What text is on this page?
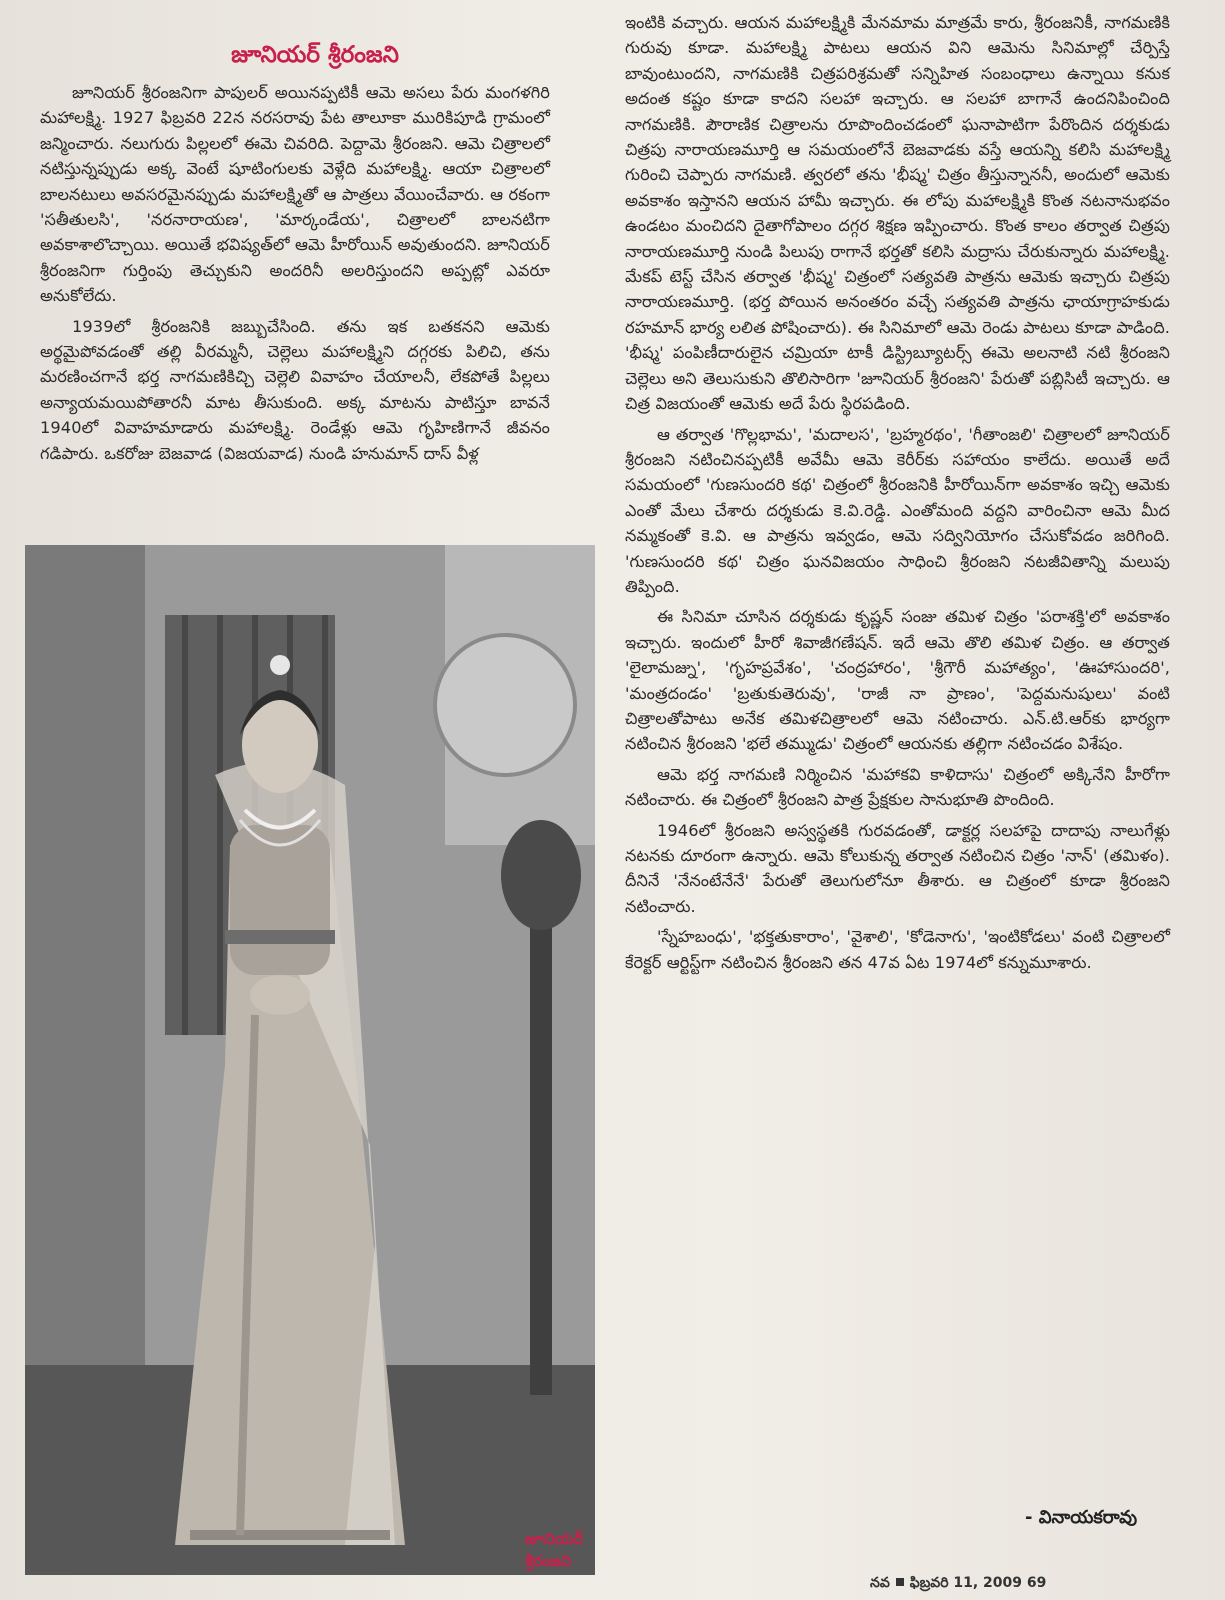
జూనియర్ శ్రీరంజని

జూనియర్ శ్రీరంజనిగా పాపులర్ అయినప్పటికీ ఆమె అసలు పేరు మంగళగిరి మహాలక్ష్మి. 1927 ఫిబ్రవరి 22న నరసరావు పేట తాలూకా మురికిపూడి గ్రామంలో జన్మించారు. నలుగురు పిల్లలలో ఈమె చివరిది. పెద్దామె శ్రీరంజని. ఆమె చిత్రాలలో నటిస్తున్నప్పుడు అక్క వెంటే షూటింగులకు వెళ్లేది మహాలక్ష్మి. ఆయా చిత్రాలలో బాలనటులు అవసరమైనప్పుడు మహాలక్ష్మితో ఆ పాత్రలు వేయించేవారు. ఆ రకంగా 'సతీతులసి', 'నరనారాయణ', 'మార్కండేయ', చిత్రాలలో బాలనటిగా అవకాశాలొచ్చాయి. అయితే భవిష్యత్‌లో ఆమె హీరోయిన్ అవుతుందని. జూనియర్ శ్రీరంజనిగా గుర్తింపు తెచ్చుకుని అందరినీ అలరిస్తుందని అప్పట్లో ఎవరూ అనుకోలేదు.

1939లో శ్రీరంజనికి జబ్బుచేసింది. తను ఇక బతకనని ఆమెకు అర్థమైపోవడంతో తల్లి వీరమ్మనీ, చెల్లెలు మహాలక్ష్మిని దగ్గరకు పిలిచి, తను మరణించగానే భర్త నాగమణికిచ్చి చెల్లెలి వివాహం చేయాలనీ, లేకపోతే పిల్లలు అన్యాయమయిపోతారనీ మాట తీసుకుంది. అక్క మాటను పాటిస్తూ బావనే 1940లో వివాహమాడారు మహాలక్ష్మి. రెండేళ్లు ఆమె గృహిణిగానే జీవనం గడిపారు. ఒకరోజు బెజవాడ (విజయవాడ) నుండి హనుమాన్ దాస్ వీళ్ల

జూనియర్ శ్రీరంజని

ఇంటికి వచ్చారు. ఆయన మహాలక్ష్మికి మేనమామ మాత్రమే కారు, శ్రీరంజనికీ, నాగమణికి గురువు కూడా. మహాలక్ష్మి పాటలు ఆయన విని ఆమెను సినిమాల్లో చేర్పిస్తే బావుంటుందని, నాగమణికి చిత్రపరిశ్రమతో సన్నిహిత సంబంధాలు ఉన్నాయి కనుక అదంత కష్టం కూడా కాదని సలహా ఇచ్చారు. ఆ సలహా బాగానే ఉందనిపించింది నాగమణికి. పౌరాణిక చిత్రాలను రూపొందించడంలో ఘనాపాటిగా పేరొందిన దర్శకుడు చిత్రపు నారాయణమూర్తి ఆ సమయంలోనే బెజవాడకు వస్తే ఆయన్ని కలిసి మహాలక్ష్మి గురించి చెప్పారు నాగమణి. త్వరలో తను 'భీష్మ' చిత్రం తీస్తున్నాననీ, అందులో ఆమెకు అవకాశం ఇస్తానని ఆయన హామీ ఇచ్చారు. ఈ లోపు మహాలక్ష్మికి కొంత నటనానుభవం ఉండటం మంచిదని దైతాగోపాలం దగ్గర శిక్షణ ఇప్పించారు. కొంత కాలం తర్వాత చిత్రపు నారాయణమూర్తి నుండి పిలుపు రాగానే భర్తతో కలిసి మద్రాసు చేరుకున్నారు మహాలక్ష్మి. మేకప్ టెస్ట్ చేసిన తర్వాత 'భీష్మ' చిత్రంలో సత్యవతి పాత్రను ఆమెకు ఇచ్చారు చిత్రపు నారాయణమూర్తి. (భర్త పోయిన అనంతరం వచ్చే సత్యవతి పాత్రను ఛాయాగ్రాహకుడు రహమాన్ భార్య లలిత పోషించారు). ఈ సినిమాలో ఆమె రెండు పాటలు కూడా పాడింది. 'భీష్మ' పంపిణీదారులైన చమ్రియా టాకీ డిస్ట్రిబ్యూటర్స్ ఈమె అలనాటి నటి శ్రీరంజని చెల్లెలు అని తెలుసుకుని తొలిసారిగా 'జూనియర్ శ్రీరంజని' పేరుతో పబ్లిసిటీ ఇచ్చారు. ఆ చిత్ర విజయంతో ఆమెకు అదే పేరు స్థిరపడింది.

ఆ తర్వాత 'గొల్లభామ', 'మదాలస', 'బ్రహ్మరథం', 'గీతాంజలి' చిత్రాలలో జూనియర్ శ్రీరంజని నటించినప్పటికీ అవేమీ ఆమె కెరీర్‌కు సహాయం కాలేదు. అయితే అదే సమయంలో 'గుణసుందరి కథ' చిత్రంలో శ్రీరంజనికి హీరోయిన్‌గా అవకాశం ఇచ్చి ఆమెకు ఎంతో మేలు చేశారు దర్శకుడు కె.వి.రెడ్డి. ఎంతోమంది వద్దని వారించినా ఆమె మీద నమ్మకంతో కె.వి. ఆ పాత్రను ఇవ్వడం, ఆమె సద్వినియోగం చేసుకోవడం జరిగింది. 'గుణసుందరి కథ' చిత్రం ఘనవిజయం సాధించి శ్రీరంజని నటజీవితాన్ని మలుపు తిప్పింది.

ఈ సినిమా చూసిన దర్శకుడు కృష్ణన్ సంజు తమిళ చిత్రం 'పరాశక్తి'లో అవకాశం ఇచ్చారు. ఇందులో హీరో శివాజీగణేషన్. ఇదే ఆమె తొలి తమిళ చిత్రం. ఆ తర్వాత 'లైలామజ్ను', 'గృహప్రవేశం', 'చంద్రహారం', 'శ్రీగౌరీ మహాత్యం', 'ఊహాసుందరి', 'మంత్రదండం' 'బ్రతుకుతెరువు', 'రాజీ నా ప్రాణం', 'పెద్దమనుషులు' వంటి చిత్రాలతోపాటు అనేక తమిళచిత్రాలలో ఆమె నటించారు. ఎన్.టి.ఆర్‌కు భార్యగా నటించిన శ్రీరంజని 'భలే తమ్ముడు' చిత్రంలో ఆయనకు తల్లిగా నటించడం విశేషం.

ఆమె భర్త నాగమణి నిర్మించిన 'మహాకవి కాళిదాసు' చిత్రంలో అక్కినేని హీరోగా నటించారు. ఈ చిత్రంలో శ్రీరంజని పాత్ర ప్రేక్షకుల సానుభూతి పొందింది.

1946లో శ్రీరంజని అస్వస్థతకి గురవడంతో, డాక్టర్ల సలహాపై దాదాపు నాలుగేళ్లు నటనకు దూరంగా ఉన్నారు. ఆమె కోలుకున్న తర్వాత నటించిన చిత్రం 'నాన్' (తమిళం). దీనినే 'నేనంటేనేనే' పేరుతో తెలుగులోనూ తీశారు. ఆ చిత్రంలో కూడా శ్రీరంజని నటించారు.

'స్నేహబంధు', 'భక్తతుకారాం', 'వైశాలి', 'కోడెనాగు', 'ఇంటికోడలు' వంటి చిత్రాలలో కేరెక్టర్ ఆర్టిస్ట్‌గా నటించిన శ్రీరంజని తన 47వ ఏట 1974లో కన్నుమూశారు.

- వినాయకరావు
నవ ఫిబ్రవరి 11, 2009 69
